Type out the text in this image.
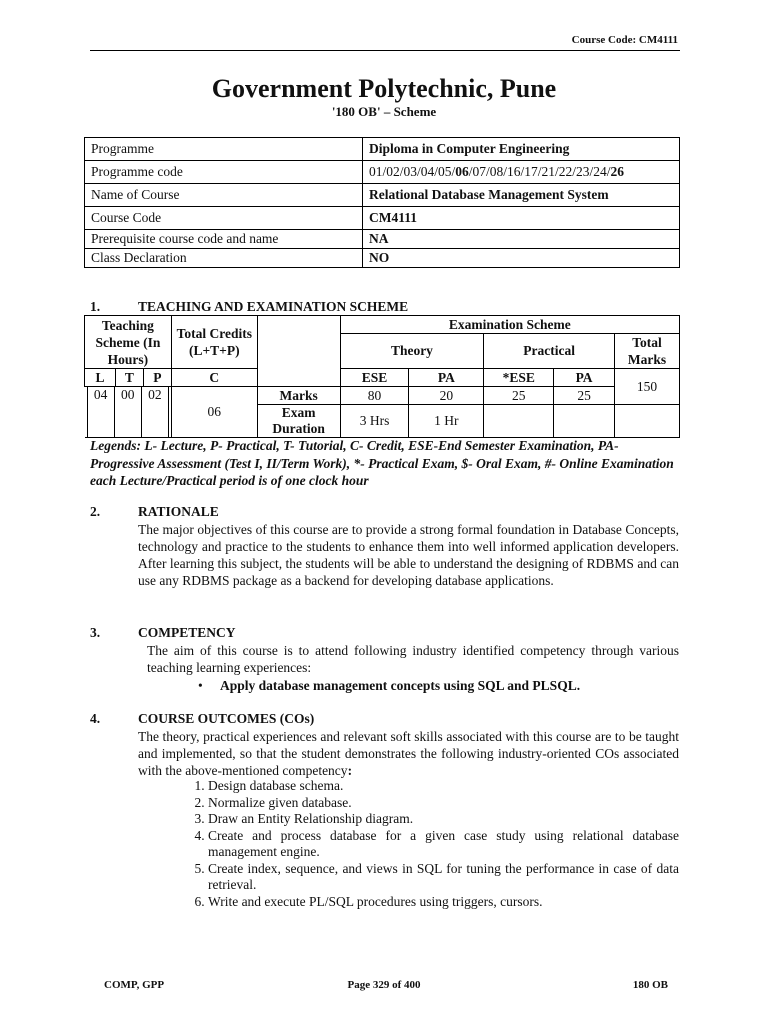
Course Code: CM4111
Government Polytechnic, Pune
'180 OB' – Scheme
Programme	Diploma in Computer Engineering
Programme code	01/02/03/04/05/06/07/08/16/17/21/22/23/24/26
Name of Course	Relational Database Management System
Course Code	CM4111
Prerequisite course code and name	NA
Class Declaration	NO
1.	TEACHING AND EXAMINATION SCHEME
Teaching Scheme (In Hours)			Total Credits (L+T+P)		Examination Scheme				
					Theory		Practical		Total Marks
L	T	P	C		ESE	PA	*ESE	PA	150

04 00 02			06	Marks	80	20	25	25	
				Exam Duration	3 Hrs	1 Hr			
Legends: L- Lecture, P- Practical, T- Tutorial, C- Credit, ESE-End Semester Examination, PA- Progressive Assessment (Test I, II/Term Work), *- Practical Exam, $- Oral Exam, #- Online Examination each Lecture/Practical period is of one clock hour
2.	RATIONALE
The major objectives of this course are to provide a strong formal foundation in Database Concepts, technology and practice to the students to enhance them into well informed application developers. After learning this subject, the students will be able to understand the designing of RDBMS and can use any RDBMS package as a backend for developing database applications.
3.	COMPETENCY
The aim of this course is to attend following industry identified competency through various teaching learning experiences:
• Apply database management concepts using SQL and PLSQL.
4.	COURSE OUTCOMES (COs)
The theory, practical experiences and relevant soft skills associated with this course are to be taught and implemented, so that the student demonstrates the following industry-oriented COs associated with the above-mentioned competency:
1. Design database schema.
2. Normalize given database.
3. Draw an Entity Relationship diagram.
4. Create and process database for a given case study using relational database management engine.
5. Create index, sequence, and views in SQL for tuning the performance in case of data retrieval.
6. Write and execute PL/SQL procedures using triggers, cursors.
COMP, GPP	Page 329 of 400	180 OB
